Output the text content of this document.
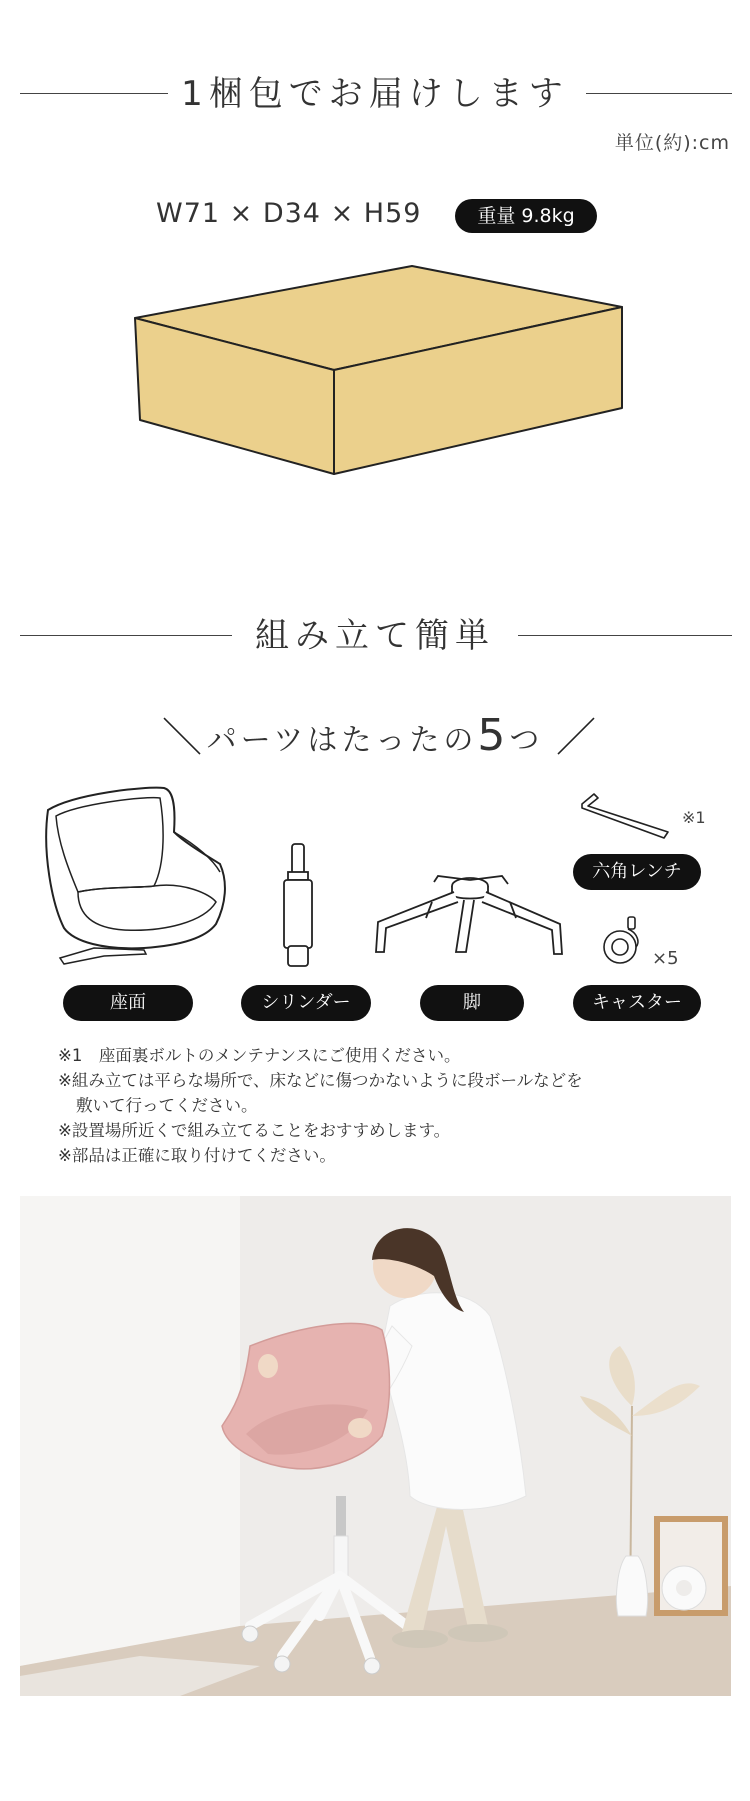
1梱包でお届けします
単位(約):cm
W71 × D34 × H59	重量 9.8kg
組み立て簡単
＼ パーツはたったの5つ ／
座面	シリンダー	脚
※1
六角レンチ
×5
キャスター
※1　座面裏ボルトのメンテナンスにご使用ください。
※組み立ては平らな場所で、床などに傷つかないように段ボールなどを
敷いて行ってください。
※設置場所近くで組み立てることをおすすめします。
※部品は正確に取り付けてください。
